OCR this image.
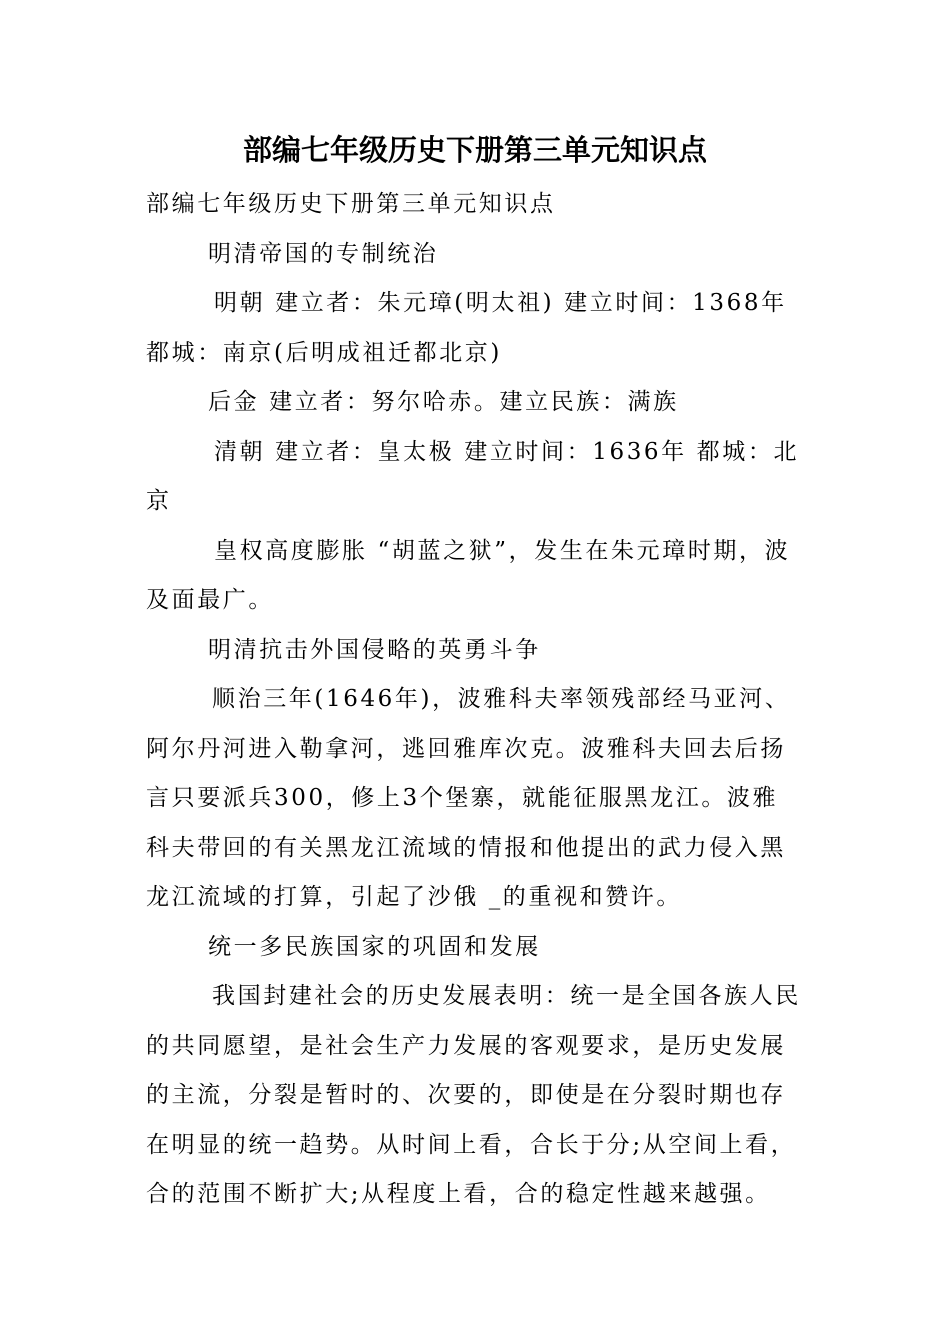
部编七年级历史下册第三单元知识点

部编七年级历史下册第三单元知识点

明清帝国的专制统治

明朝 建立者：朱元璋(明太祖) 建立时间：1368年 都城：南京(后明成祖迁都北京)

后金 建立者：努尔哈赤。建立民族：满族

清朝 建立者：皇太极 建立时间：1636年 都城：北京

皇权高度膨胀 “胡蓝之狱”，发生在朱元璋时期，波及面最广。

明清抗击外国侵略的英勇斗争

顺治三年(1646年)，波雅科夫率领残部经马亚河、阿尔丹河进入勒拿河，逃回雅库次克。波雅科夫回去后扬言只要派兵300，修上3个堡寨，就能征服黑龙江。波雅 科夫带回的有关黑龙江流域的情报和他提出的武力侵入黑龙江流域的打算，引起了沙俄 _的重视和赞许。

统一多民族国家的巩固和发展

我国封建社会的历史发展表明：统一是全国各族人民的共同愿望，是社会生产力发展的客观要求，是历史发展的主流，分裂是暂时的、次要的，即使是在分裂时期也存在明显的统一趋势。从时间上看，合长于分;从空间上看，合的范围不断扩大;从程度上看，合的稳定性越来越强。
